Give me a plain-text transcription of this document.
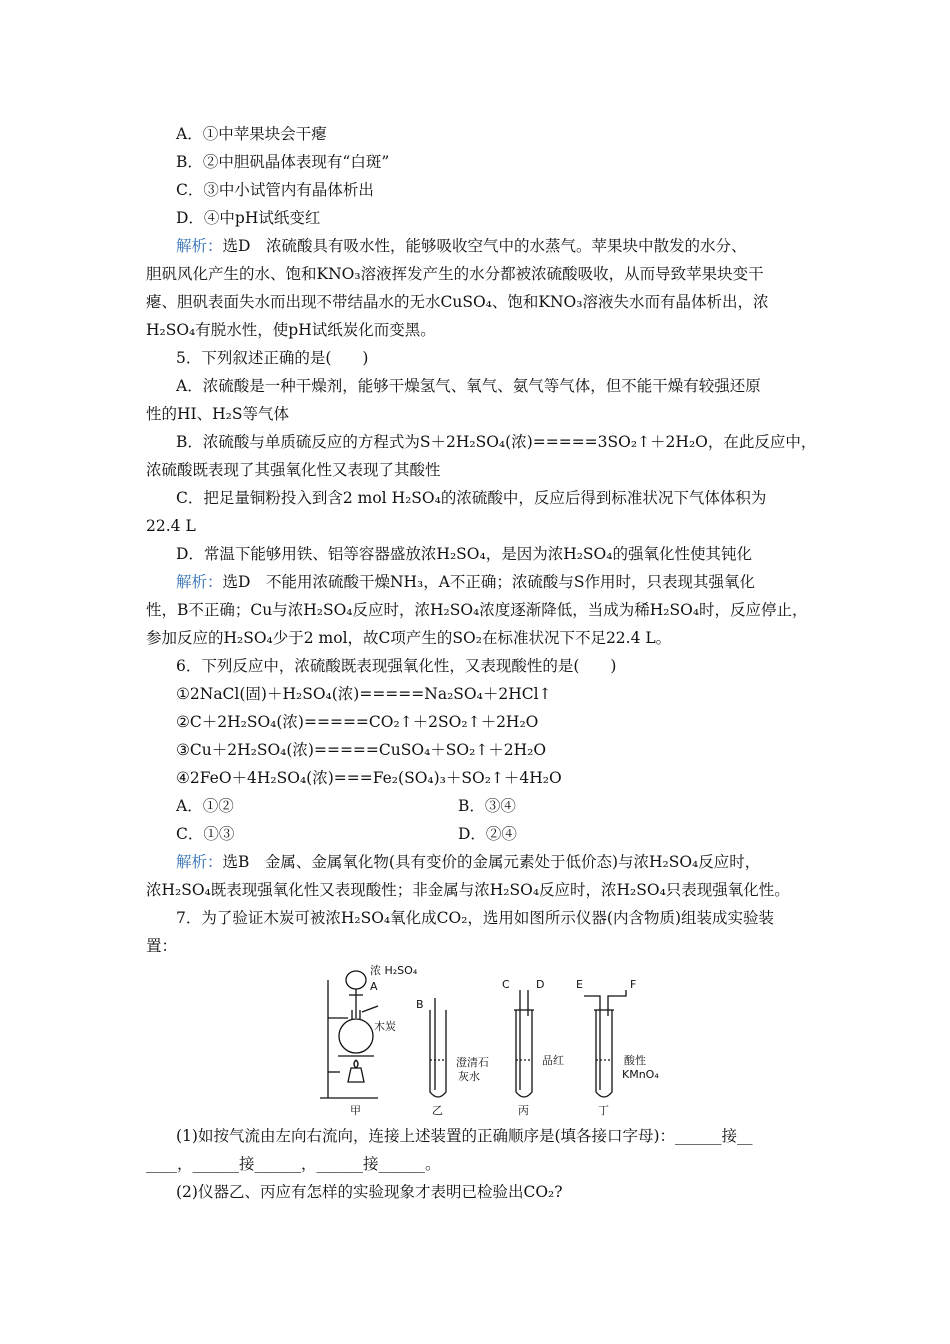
A．①中苹果块会干瘪
B．②中胆矾晶体表现有“白斑”
C．③中小试管内有晶体析出
D．④中pH试纸变红
解析：选D　浓硫酸具有吸水性，能够吸收空气中的水蒸气。苹果块中散发的水分、
胆矾风化产生的水、饱和KNO₃溶液挥发产生的水分都被浓硫酸吸收，从而导致苹果块变干
瘪、胆矾表面失水而出现不带结晶水的无水CuSO₄、饱和KNO₃溶液失水而有晶体析出，浓
H₂SO₄有脱水性，使pH试纸炭化而变黑。
5．下列叙述正确的是(　　)
A．浓硫酸是一种干燥剂，能够干燥氢气、氧气、氨气等气体，但不能干燥有较强还原
性的HI、H₂S等气体
B．浓硫酸与单质硫反应的方程式为S＋2H₂SO₄(浓)=====3SO₂↑＋2H₂O，在此反应中，
浓硫酸既表现了其强氧化性又表现了其酸性
C．把足量铜粉投入到含2 mol H₂SO₄的浓硫酸中，反应后得到标准状况下气体体积为
22.4 L
D．常温下能够用铁、铝等容器盛放浓H₂SO₄，是因为浓H₂SO₄的强氧化性使其钝化
解析：选D　不能用浓硫酸干燥NH₃，A不正确；浓硫酸与S作用时，只表现其强氧化
性，B不正确；Cu与浓H₂SO₄反应时，浓H₂SO₄浓度逐渐降低，当成为稀H₂SO₄时，反应停止，
参加反应的H₂SO₄少于2 mol，故C项产生的SO₂在标准状况下不足22.4 L。
6．下列反应中，浓硫酸既表现强氧化性，又表现酸性的是(　　)
①2NaCl(固)＋H₂SO₄(浓)=====Na₂SO₄＋2HCl↑
②C＋2H₂SO₄(浓)=====CO₂↑＋2SO₂↑＋2H₂O
③Cu＋2H₂SO₄(浓)=====CuSO₄＋SO₂↑＋2H₂O
④2FeO＋4H₂SO₄(浓)===Fe₂(SO₄)₃＋SO₂↑＋4H₂O
A．①②	B．③④
C．①③	D．②④
解析：选B　金属、金属氧化物(具有变价的金属元素处于低价态)与浓H₂SO₄反应时，
浓H₂SO₄既表现强氧化性又表现酸性；非金属与浓H₂SO₄反应时，浓H₂SO₄只表现强氧化性。
7．为了验证木炭可被浓H₂SO₄氧化成CO₂，选用如图所示仪器(内含物质)组装成实验装
置：
浓 H₂SO₄
A
木炭
B
澄清石
灰水
C D
品红
E	F
酸性
KMnO₄
甲	乙	丙	丁
(1)如按气流由左向右流向，连接上述装置的正确顺序是(填各接口字母)：______接__
____，______接______，______接______。
(2)仪器乙、丙应有怎样的实验现象才表明已检验出CO₂?
